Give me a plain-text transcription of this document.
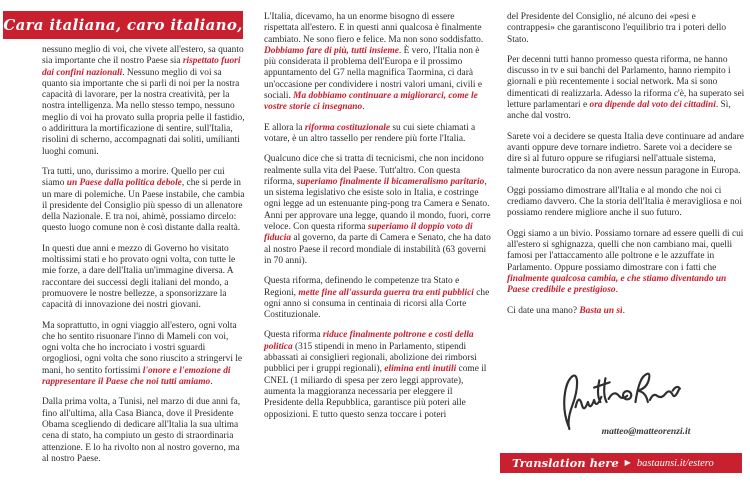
Cara italiana, caro italiano,

nessuno meglio di voi, che vivete all'estero, sa quanto sia importante che il nostro Paese sia rispettato fuori dai confini nazionali. Nessuno meglio di voi sa quanto sia importante che si parli di noi per la nostra capacità di lavorare, per la nostra creatività, per la nostra intelligenza. Ma nello stesso tempo, nessuno meglio di voi ha provato sulla propria pelle il fastidio, o addirittura la mortificazione di sentire, sull'Italia, risolini di scherno, accompagnati dai soliti, umilianti luoghi comuni.

Tra tutti, uno, durissimo a morire. Quello per cui siamo un Paese dalla politica debole, che si perde in un mare di polemiche. Un Paese instabile, che cambia il presidente del Consiglio più spesso di un allenatore della Nazionale. E tra noi, ahimè, possiamo dircelo: questo luogo comune non è così distante dalla realtà.

In questi due anni e mezzo di Governo ho visitato moltissimi stati e ho provato ogni volta, con tutte le mie forze, a dare dell'Italia un'immagine diversa. A raccontare dei successi degli italiani del mondo, a promuovere le nostre bellezze, a sponsorizzare la capacità di innovazione dei nostri giovani.

Ma soprattutto, in ogni viaggio all'estero, ogni volta che ho sentito risuonare l'inno di Mameli con voi, ogni volta che ho incrociato i vostri sguardi orgogliosi, ogni volta che sono riuscito a stringervi le mani, ho sentito fortissimi l'onore e l'emozione di rappresentare il Paese che noi tutti amiamo.

Dalla prima volta, a Tunisi, nel marzo di due anni fa, fino all'ultima, alla Casa Bianca, dove il Presidente Obama scegliendo di dedicare all'Italia la sua ultima cena di stato, ha compiuto un gesto di straordinaria attenzione. E lo ha rivolto non al nostro governo, ma al nostro Paese.

L'Italia, dicevamo, ha un enorme bisogno di essere rispettata all'estero. E in questi anni qualcosa è finalmente cambiato. Ne sono fiero e felice. Ma non sono soddisfatto. Dobbiamo fare di più, tutti insieme. È vero, l'Italia non è più considerata il problema dell'Europa e il prossimo appuntamento del G7 nella magnifica Taormina, ci darà un'occasione per condividere i nostri valori umani, civili e sociali. Ma dobbiamo continuare a migliorarci, come le vostre storie ci insegnano.

E allora la riforma costituzionale su cui siete chiamati a votare, è un altro tassello per rendere più forte l'Italia.

Qualcuno dice che si tratta di tecnicismi, che non incidono realmente sulla vita del Paese. Tutt'altro. Con questa riforma, superiamo finalmente il bicameralismo paritario, un sistema legislativo che esiste solo in Italia, e costringe ogni legge ad un estenuante ping-pong tra Camera e Senato. Anni per approvare una legge, quando il mondo, fuori, corre veloce. Con questa riforma superiamo il doppio voto di fiducia al governo, da parte di Camera e Senato, che ha dato al nostro Paese il record mondiale di instabilità (63 governi in 70 anni).

Questa riforma, definendo le competenze tra Stato e Regioni, mette fine all'assurda guerra tra enti pubblici che ogni anno si consuma in centinaia di ricorsi alla Corte Costituzionale.

Questa riforma riduce finalmente poltrone e costi della politica (315 stipendi in meno in Parlamento, stipendi abbassati ai consiglieri regionali, abolizione dei rimborsi pubblici per i gruppi regionali), elimina enti inutili come il CNEL (1 miliardo di spesa per zero leggi approvate), aumenta la maggioranza necessaria per eleggere il Presidente della Repubblica, garantisce più poteri alle opposizioni. E tutto questo senza toccare i poteri

del Presidente del Consiglio, né alcuno dei «pesi e contrappesi» che garantiscono l'equilibrio tra i poteri dello Stato.

Per decenni tutti hanno promesso questa riforma, ne hanno discusso in tv e sui banchi del Parlamento, hanno riempito i giornali e più recentemente i social network. Ma si sono dimenticati di realizzarla. Adesso la riforma c'è, ha superato sei letture parlamentari e ora dipende dal voto dei cittadini. Sì, anche dal vostro.

Sarete voi a decidere se questa Italia deve continuare ad andare avanti oppure deve tornare indietro. Sarete voi a decidere se dire sì al futuro oppure se rifugiarsi nell'attuale sistema, talmente burocratico da non avere nessun paragone in Europa.

Oggi possiamo dimostrare all'Italia e al mondo che noi ci crediamo davvero. Che la storia dell'Italia è meravigliosa e noi possiamo rendere migliore anche il suo futuro.

Oggi siamo a un bivio. Possiamo tornare ad essere quelli di cui all'estero si sghignazza, quelli che non cambiano mai, quelli famosi per l'attaccamento alle poltrone e le azzuffate in Parlamento. Oppure possiamo dimostrare con i fatti che finalmente qualcosa cambia, e che stiamo diventando un Paese credibile e prestigioso.

Ci date una mano? Basta un sì.

matteo@matteorenzi.it
Translation here ▶ bastaunsi.it/estero
